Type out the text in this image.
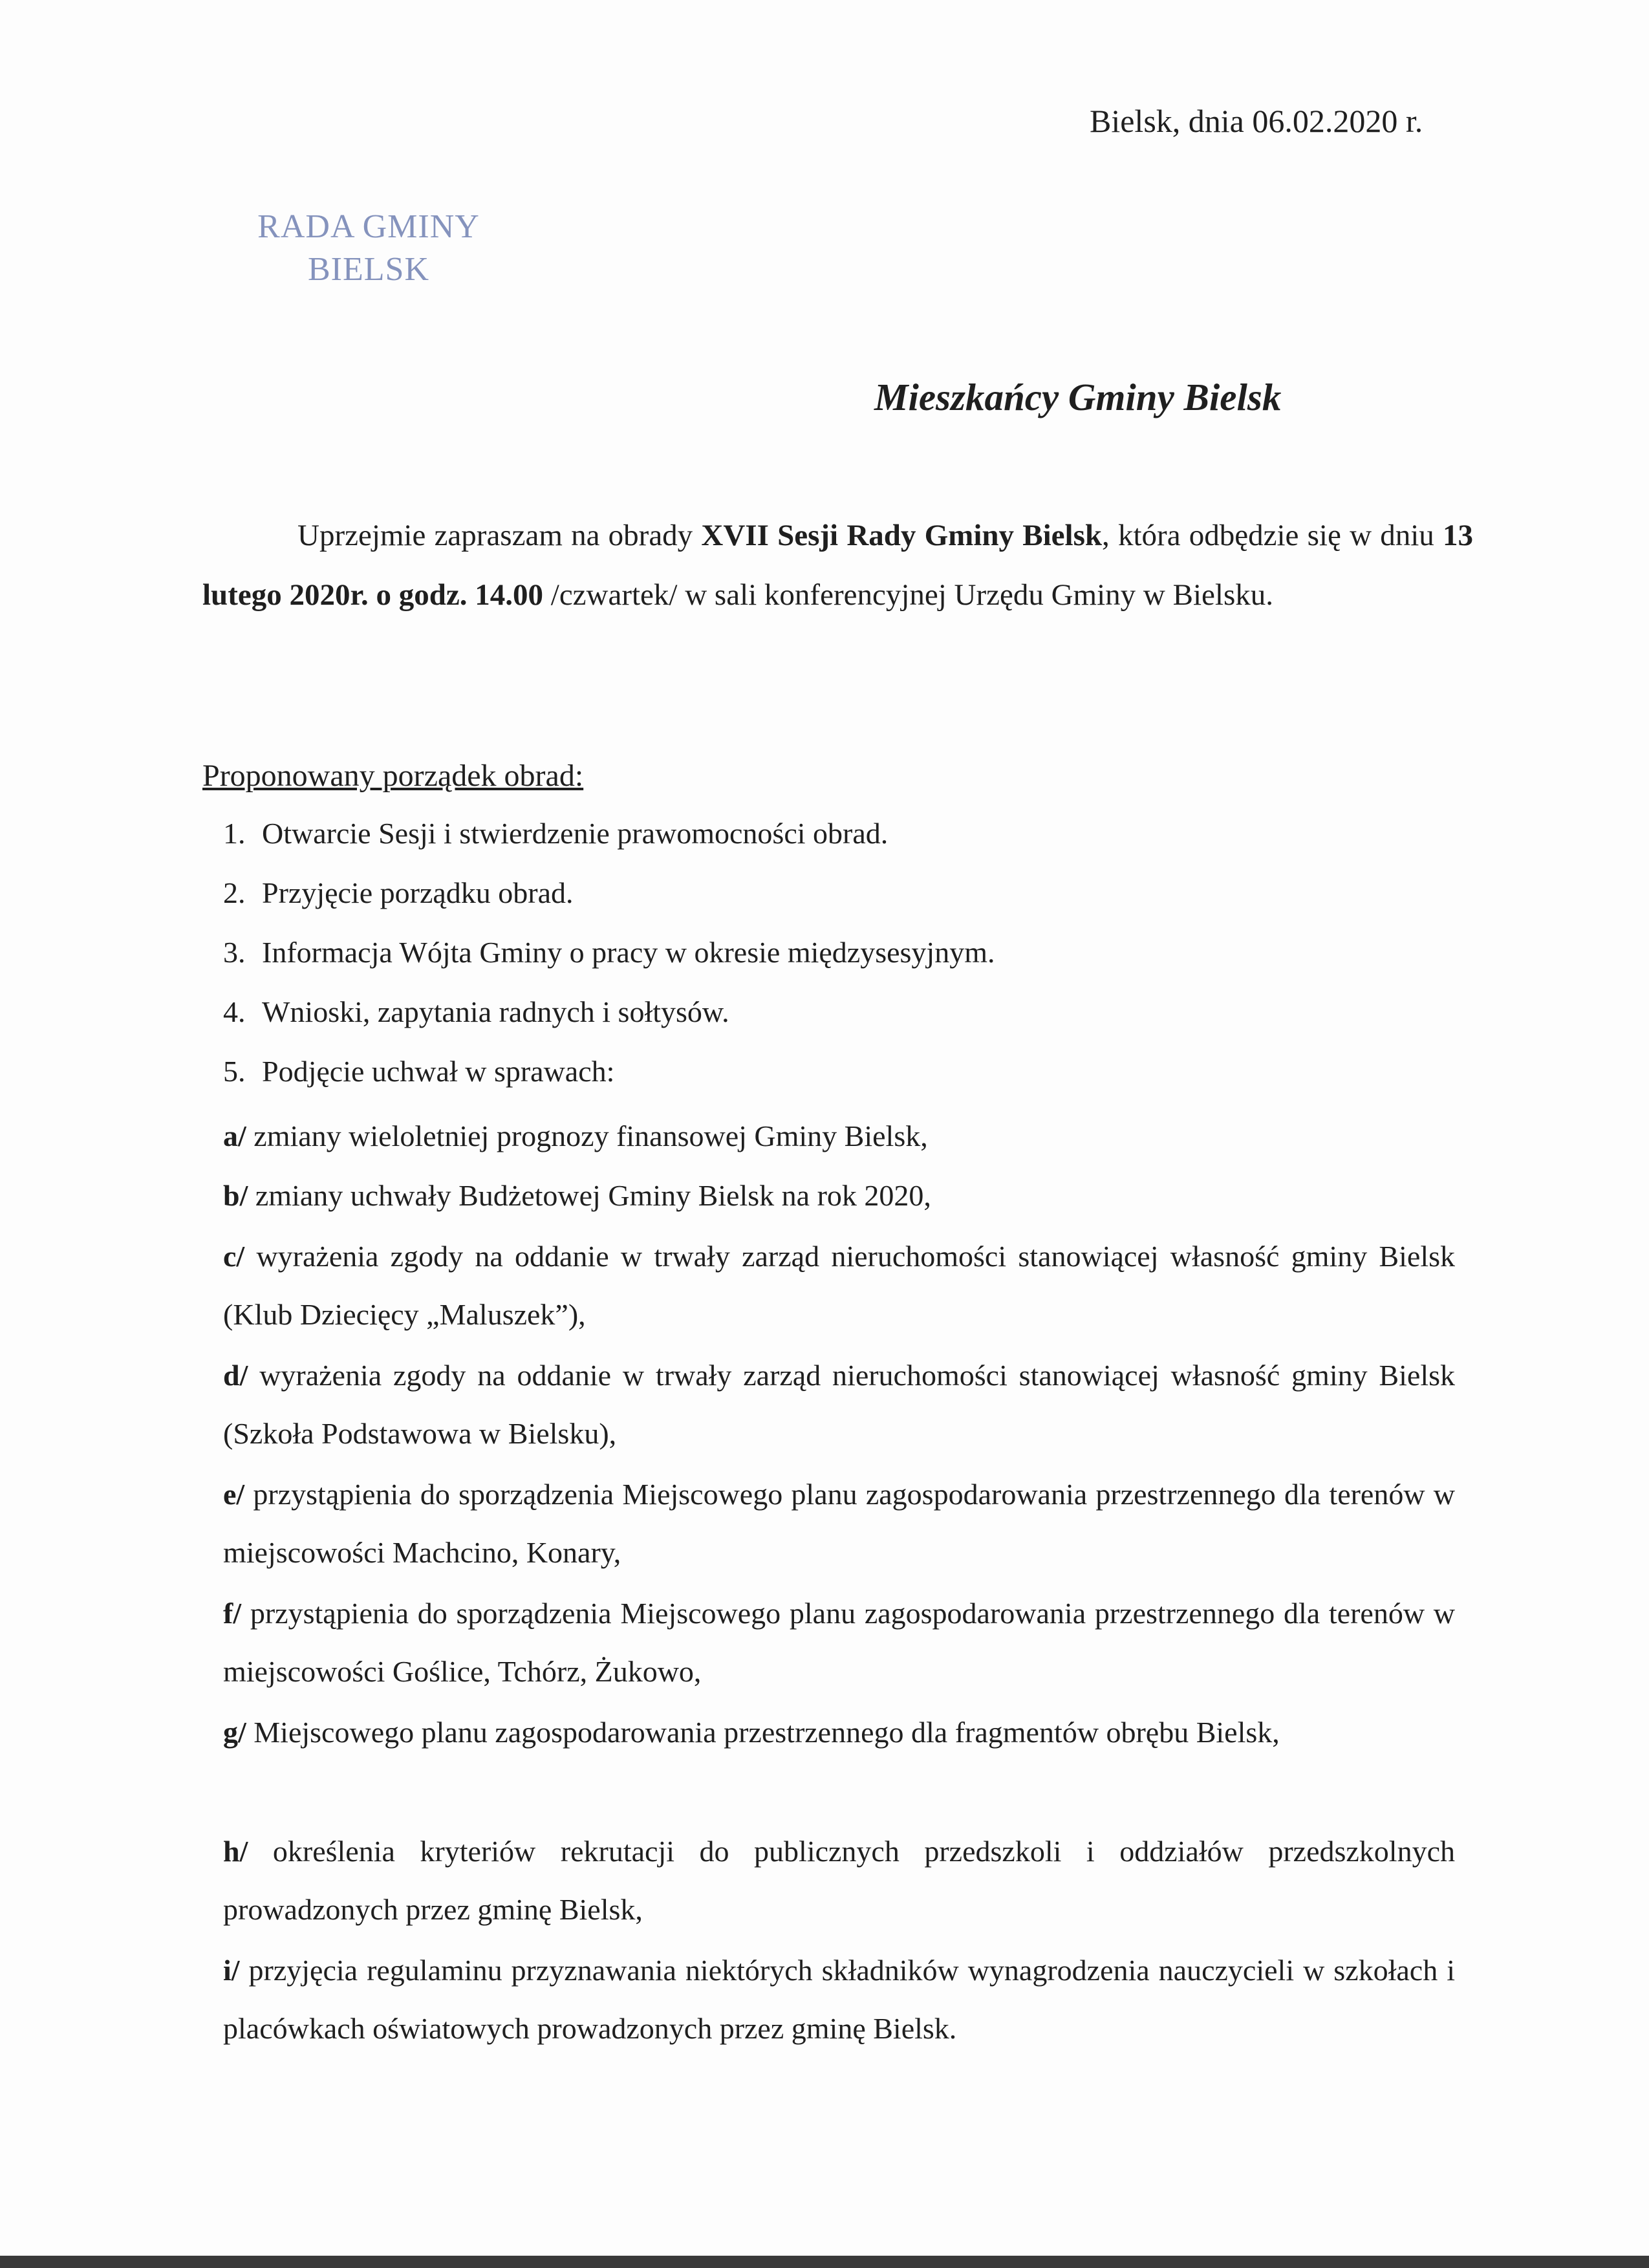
Bielsk, dnia 06.02.2020 r.

RADA GMINY
BIELSK

Mieszkańcy Gminy Bielsk

Uprzejmie zapraszam na obrady XVII Sesji Rady Gminy Bielsk, która odbędzie się w dniu 13 lutego 2020r. o godz. 14.00 /czwartek/ w sali konferencyjnej Urzędu Gminy w Bielsku.

Proponowany porządek obrad:

1. Otwarcie Sesji i stwierdzenie prawomocności obrad.

2. Przyjęcie porządku obrad.

3. Informacja Wójta Gminy o pracy w okresie międzysesyjnym.

4. Wnioski, zapytania radnych i sołtysów.

5. Podjęcie uchwał w sprawach:

a/ zmiany wieloletniej prognozy finansowej Gminy Bielsk,

b/ zmiany uchwały Budżetowej Gminy Bielsk na rok 2020,

c/ wyrażenia zgody na oddanie w trwały zarząd nieruchomości stanowiącej własność gminy Bielsk (Klub Dziecięcy „Maluszek”),

d/ wyrażenia zgody na oddanie w trwały zarząd nieruchomości stanowiącej własność gminy Bielsk (Szkoła Podstawowa w Bielsku),

e/ przystąpienia do sporządzenia Miejscowego planu zagospodarowania przestrzennego dla terenów w miejscowości Machcino, Konary,

f/ przystąpienia do sporządzenia Miejscowego planu zagospodarowania przestrzennego dla terenów w miejscowości Goślice, Tchórz, Żukowo,

g/ Miejscowego planu zagospodarowania przestrzennego dla fragmentów obrębu Bielsk,

h/ określenia kryteriów rekrutacji do publicznych przedszkoli i oddziałów przedszkolnych prowadzonych przez gminę Bielsk,

i/ przyjęcia regulaminu przyznawania niektórych składników wynagrodzenia nauczycieli w szkołach i placówkach oświatowych prowadzonych przez gminę Bielsk.
